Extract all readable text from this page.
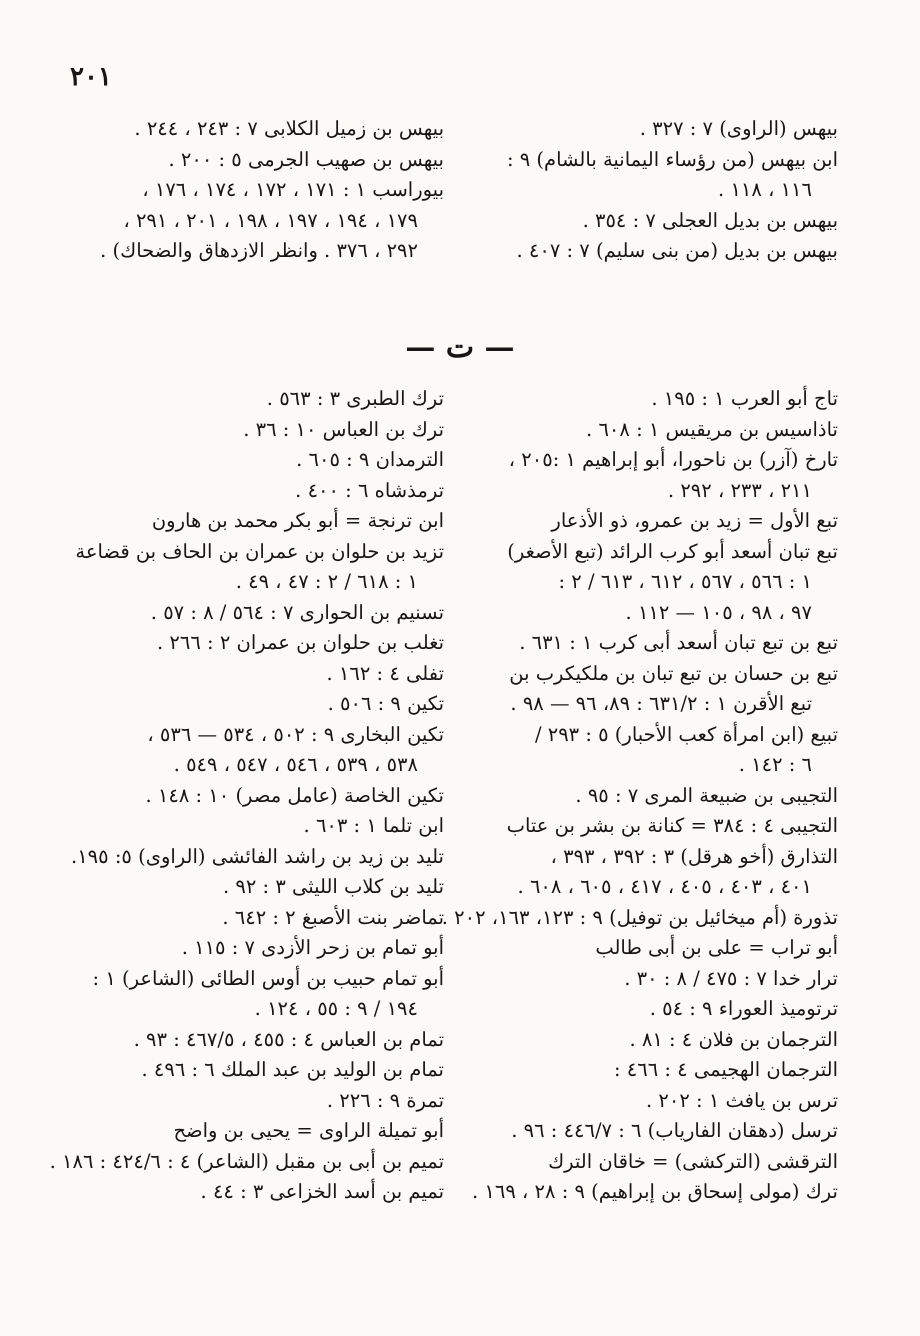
٢٠١

بيهس (الراوى) ٧ : ٣٢٧ .

ابن بيهس (من رؤساء اليمانية بالشام) ٩ :

١١٦ ، ١١٨ .

بيهس بن بديل العجلى ٧ : ٣٥٤ .

بيهس بن بديل (من بنى سليم) ٧ : ٤٠٧ .

بيهس بن زميل الكلابى ٧ : ٢٤٣ ، ٢٤٤ .

بيهس بن صهيب الجرمى ٥ : ٢٠٠ .

بيوراسب ١ : ١٧١ ، ١٧٢ ، ١٧٤ ، ١٧٦ ،

١٧٩ ، ١٩٤ ، ١٩٧ ، ١٩٨ ، ٢٠١ ، ٢٩١ ،

٢٩٢ ، ٣٧٦ . وانظر الازدهاق والضحاك) .

— ت —

تاج أبو العرب ١ : ١٩٥ .

تاذاسيس بن مريقيس ١ : ٦٠٨ .

تارخ (آزر) بن ناحورا، أبو إبراهيم ١ :٢٠٥ ،

٢١١ ، ٢٣٣ ، ٢٩٢ .

تبع الأول = زيد بن عمرو، ذو الأذعار

تبع تبان أسعد أبو كرب الرائد (تبع الأصغر)

١ : ٥٦٦ ، ٥٦٧ ، ٦١٢ ، ٦١٣ / ٢ :

٩٧ ، ٩٨ ، ١٠٥ — ١١٢ .

تبع بن تبع تبان أسعد أبى كرب ١ : ٦٣١ .

تبع بن حسان بن تبع تبان بن ملكيكرب بن

تبع الأقرن ١ : ٦٣١/٢ : ٨٩، ٩٦ — ٩٨ .

تبيع (ابن امرأة كعب الأحبار) ٥ : ٢٩٣ /

٦ : ١٤٢ .

التجيبى بن ضبيعة المرى ٧ : ٩٥ .

التجيبى ٤ : ٣٨٤ = كنانة بن بشر بن عتاب

التذارق (أخو هرقل) ٣ : ٣٩٢ ، ٣٩٣ ،

٤٠١ ، ٤٠٣ ، ٤٠٥ ، ٤١٧ ، ٦٠٥ ، ٦٠٨ .

تذورة (أم ميخائيل بن توفيل) ٩ : ١٢٣، ١٦٣، ٢٠٢ .

أبو تراب = على بن أبى طالب

ترار خدا ٧ : ٤٧٥ / ٨ : ٣٠ .

ترتوميذ العوراء ٩ : ٥٤ .

الترجمان بن فلان ٤ : ٨١ .

الترجمان الهجيمى ٤ : ٤٦٦ :

ترس بن يافث ١ : ٢٠٢ .

ترسل (دهقان الفارياب) ٦ : ٤٤٦/٧ : ٩٦ .

الترقشى (التركشى) = خاقان الترك

ترك (مولى إسحاق بن إبراهيم) ٩ : ٢٨ ، ١٦٩ .

ترك الطبرى ٣ : ٥٦٣ .

ترك بن العباس ١٠ : ٣٦ .

الترمدان ٩ : ٦٠٥ .

ترمذشاه ٦ : ٤٠٠ .

ابن ترنجة = أبو بكر محمد بن هارون

تزيد بن حلوان بن عمران بن الحاف بن قضاعة

١ : ٦١٨ / ٢ : ٤٧ ، ٤٩ .

تسنيم بن الحوارى ٧ : ٥٦٤ / ٨ : ٥٧ .

تغلب بن حلوان بن عمران ٢ : ٢٦٦ .

تفلى ٤ : ١٦٢ .

تكين ٩ : ٥٠٦ .

تكين البخارى ٩ : ٥٠٢ ، ٥٣٤ — ٥٣٦ ،

٥٣٨ ، ٥٣٩ ، ٥٤٦ ، ٥٤٧ ، ٥٤٩ .

تكين الخاصة (عامل مصر) ١٠ : ١٤٨ .

ابن تلما ١ : ٦٠٣ .

تليد بن زيد بن راشد الفائشى (الراوى) ٥: ١٩٥.

تليد بن كلاب الليثى ٣ : ٩٢ .

تماضر بنت الأصبغ ٢ : ٦٤٢ .

أبو تمام بن زحر الأزدى ٧ : ١١٥ .

أبو تمام حبيب بن أوس الطائى (الشاعر) ١ :

١٩٤ / ٩ : ٥٥ ، ١٢٤ .

تمام بن العباس ٤ : ٤٥٥ ، ٤٦٧/٥ : ٩٣ .

تمام بن الوليد بن عبد الملك ٦ : ٤٩٦ .

تمرة ٩ : ٢٢٦ .

أبو تميلة الراوى = يحيى بن واضح

تميم بن أبى بن مقبل (الشاعر) ٤ : ٤٢٤/٦ : ١٨٦ .

تميم بن أسد الخزاعى ٣ : ٤٤ .
